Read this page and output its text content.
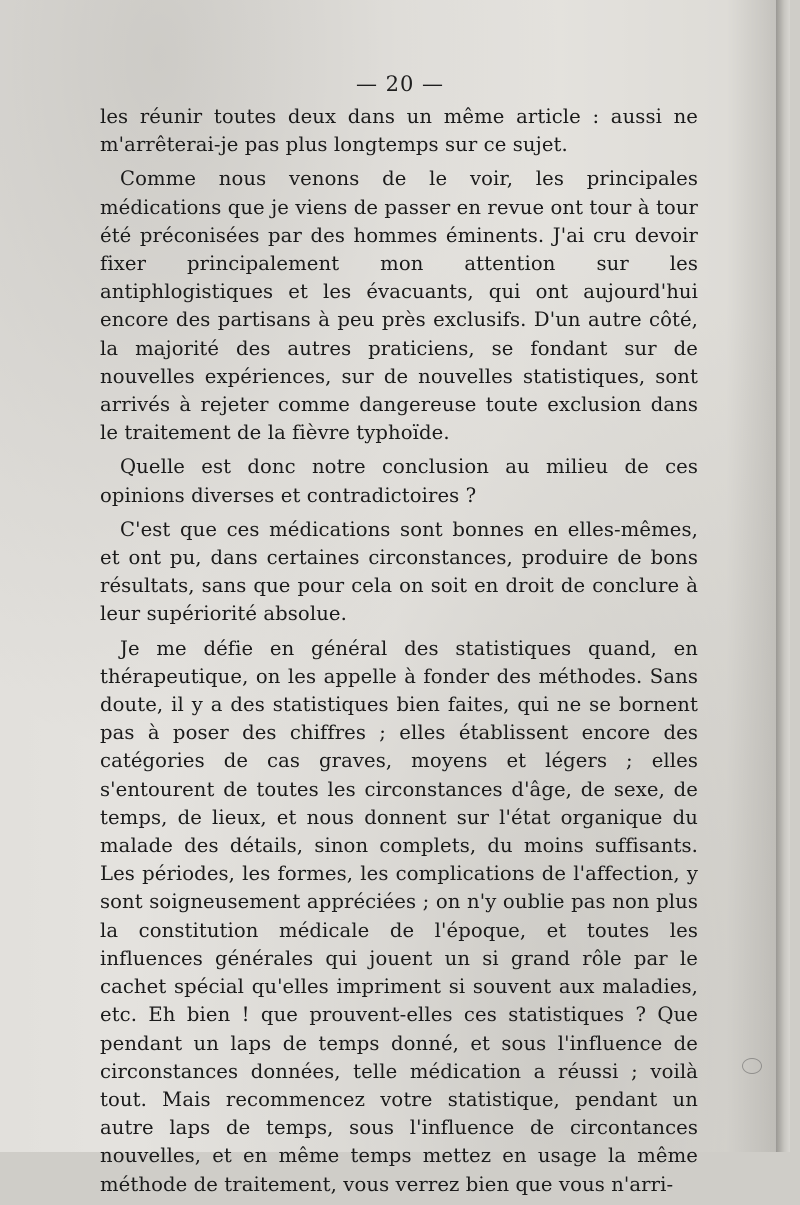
— 20 —

les réunir toutes deux dans un même article : aussi ne m'arrêterai-je pas plus longtemps sur ce sujet.

Comme nous venons de le voir, les principales médications que je viens de passer en revue ont tour à tour été préconisées par des hommes éminents. J'ai cru devoir fixer principalement mon attention sur les antiphlogistiques et les évacuants, qui ont aujourd'hui encore des partisans à peu près exclusifs. D'un autre côté, la majorité des autres praticiens, se fondant sur de nouvelles expériences, sur de nouvelles statistiques, sont arrivés à rejeter comme dangereuse toute exclusion dans le traitement de la fièvre typhoïde.

Quelle est donc notre conclusion au milieu de ces opinions diverses et contradictoires ?

C'est que ces médications sont bonnes en elles-mêmes, et ont pu, dans certaines circonstances, produire de bons résultats, sans que pour cela on soit en droit de conclure à leur supériorité absolue.

Je me défie en général des statistiques quand, en thérapeutique, on les appelle à fonder des méthodes. Sans doute, il y a des statistiques bien faites, qui ne se bornent pas à poser des chiffres ; elles établissent encore des catégories de cas graves, moyens et légers ; elles s'entourent de toutes les circonstances d'âge, de sexe, de temps, de lieux, et nous donnent sur l'état organique du malade des détails, sinon complets, du moins suffisants. Les périodes, les formes, les complications de l'affection, y sont soigneusement appréciées ; on n'y oublie pas non plus la constitution médicale de l'époque, et toutes les influences générales qui jouent un si grand rôle par le cachet spécial qu'elles impriment si souvent aux maladies, etc. Eh bien ! que prouvent-elles ces statistiques ? Que pendant un laps de temps donné, et sous l'influence de circonstances données, telle médication a réussi ; voilà tout. Mais recommencez votre statistique, pendant un autre laps de temps, sous l'influence de circontances nouvelles, et en même temps mettez en usage la même méthode de traitement, vous verrez bien que vous n'arri-
